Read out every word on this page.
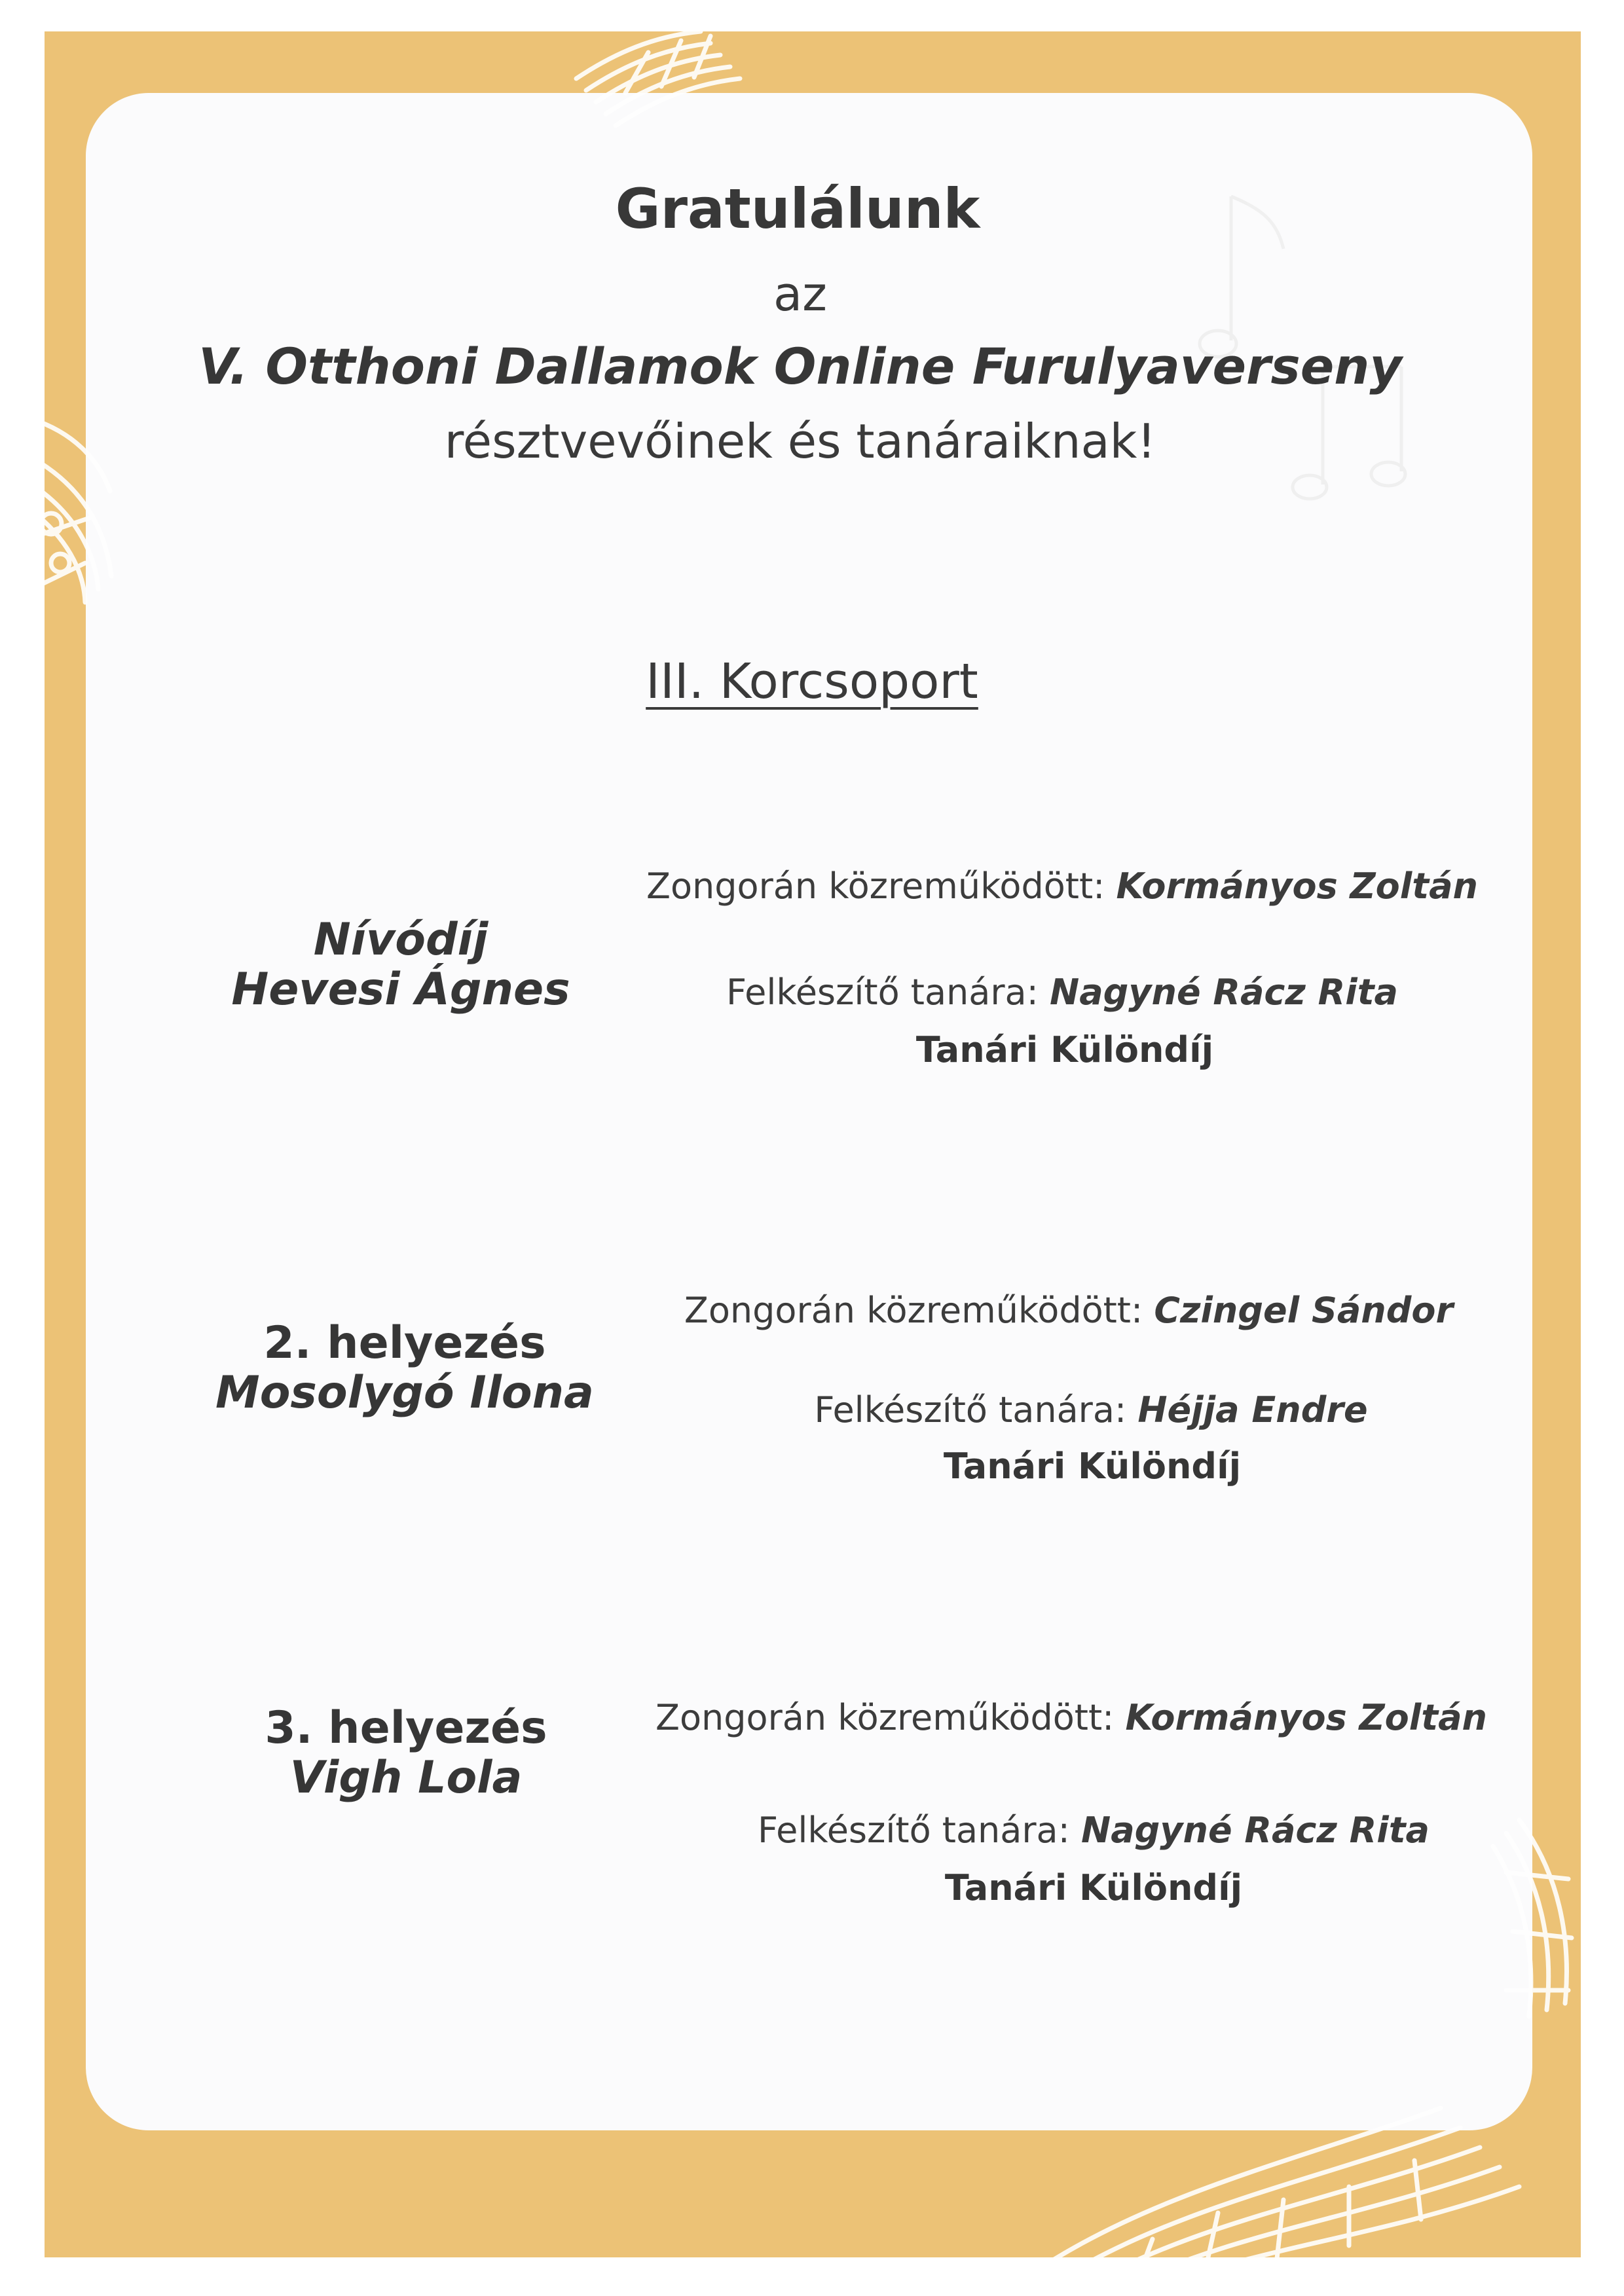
Gratulálunk
az
V. Otthoni Dallamok Online Furulyaverseny
résztvevőinek és tanáraiknak!
III. Korcsoport
Nívódíj
Hevesi Ágnes
Zongorán közreműködött: Kormányos Zoltán
Felkészítő tanára: Nagyné Rácz Rita
Tanári Különdíj
2. helyezés
Mosolygó Ilona
Zongorán közreműködött: Czingel Sándor
Felkészítő tanára: Héjja Endre
Tanári Különdíj
3. helyezés
Vigh Lola
Zongorán közreműködött: Kormányos Zoltán
Felkészítő tanára: Nagyné Rácz Rita
Tanári Különdíj
